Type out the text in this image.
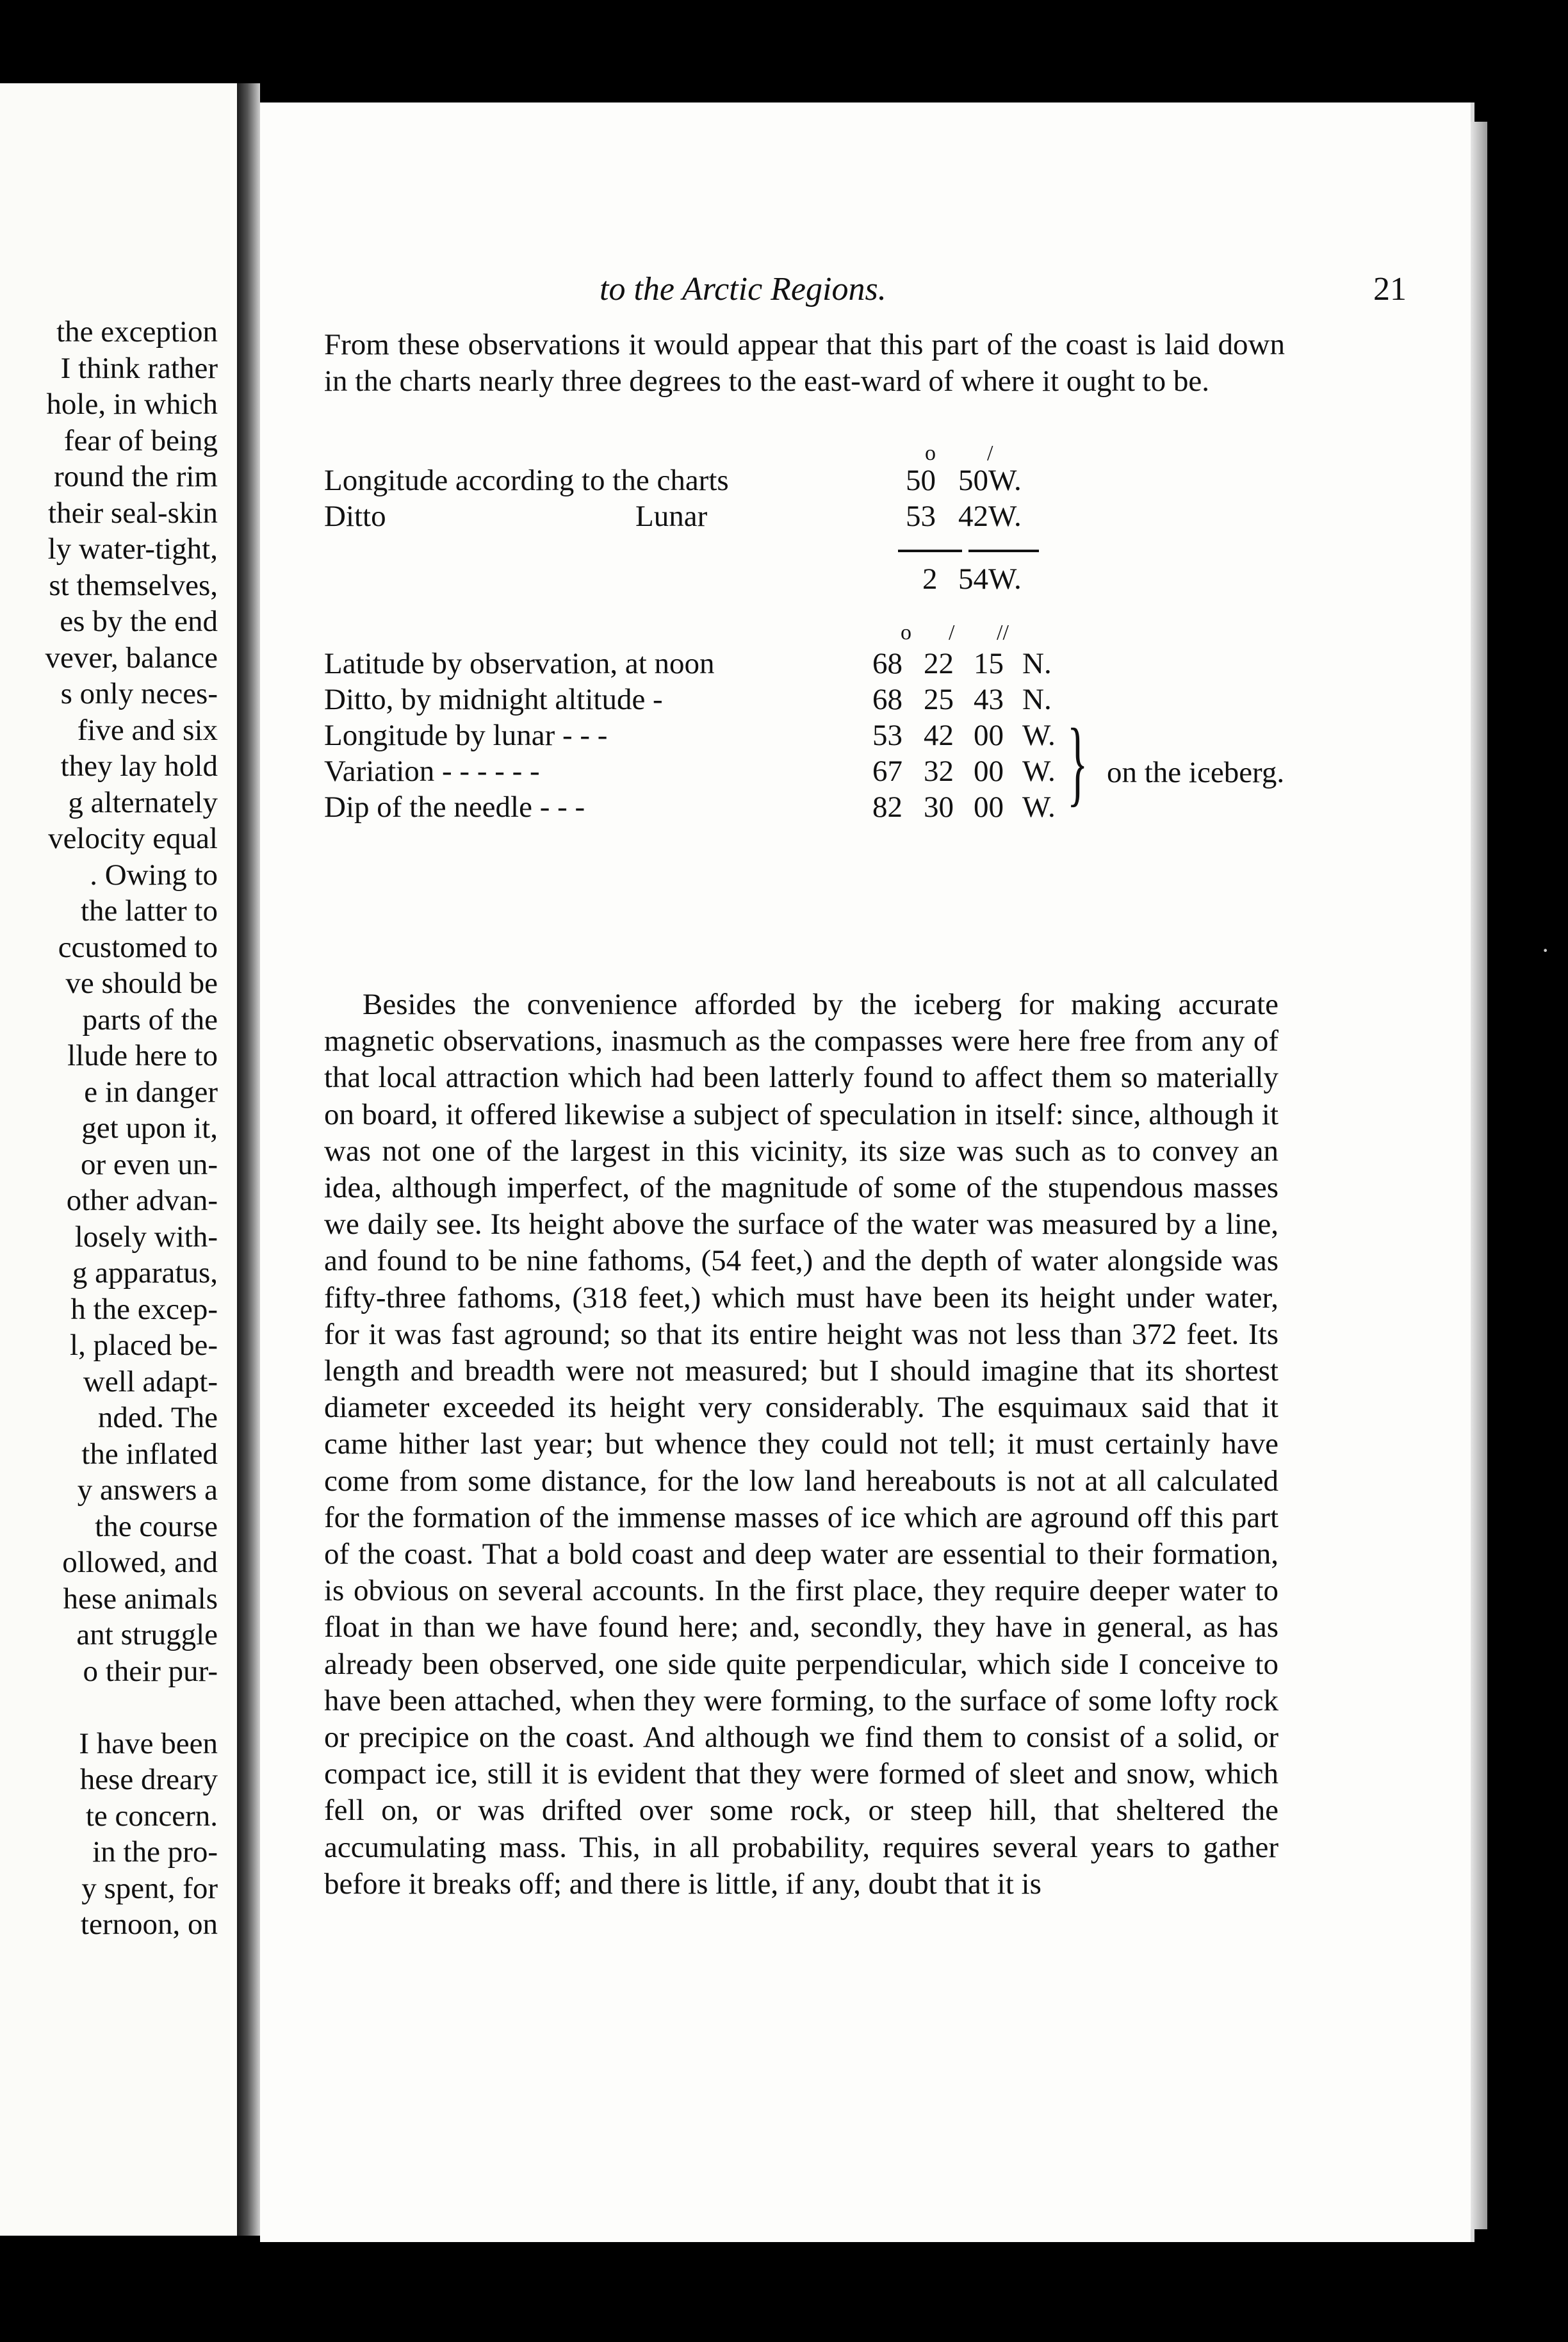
the exception
I think rather
hole, in which
fear of being
round the rim
their seal-skin
ly water-tight,
st themselves,
es by the end
vever, balance
s only neces-
five and six
they lay hold
g alternately
velocity equal
. Owing to
the latter to
ccustomed to
ve should be
parts of the
llude here to
e in danger
get upon it,
or even un-
other advan-
losely with-
g apparatus,
h the excep-
l, placed be-
well adapt-
nded. The
the inflated
y answers a
the course
ollowed, and
hese animals
ant struggle
o their pur-
I have been
hese dreary
te concern.
in the pro-
y spent, for
ternoon, on
to the Arctic Regions.	21

From these observations it would appear that this part of the coast is laid down in the charts nearly three degrees to the east-ward of where it ought to be.

o /
Longitude according to the charts	50 50W.
Ditto	Lunar	53 42W.
2 54W.
o / //
Latitude by observation, at noon	68 22 15 N.
Ditto, by midnight altitude -	68 25 43 N.
Longitude by lunar - - -	53 42 00 W.
Variation - - - - - -	67 32 00 W.
Dip of the needle - - -	82 30 00 W. } on the iceberg.

Besides the convenience afforded by the iceberg for making accurate magnetic observations, inasmuch as the compasses were here free from any of that local attraction which had been latterly found to affect them so materially on board, it offered likewise a subject of speculation in itself: since, although it was not one of the largest in this vicinity, its size was such as to convey an idea, although imperfect, of the magnitude of some of the stupendous masses we daily see. Its height above the surface of the water was measured by a line, and found to be nine fathoms, (54 feet,) and the depth of water alongside was fifty-three fathoms, (318 feet,) which must have been its height under water, for it was fast aground; so that its entire height was not less than 372 feet. Its length and breadth were not measured; but I should imagine that its shortest diameter exceeded its height very considerably. The esquimaux said that it came hither last year; but whence they could not tell; it must certainly have come from some distance, for the low land hereabouts is not at all calculated for the formation of the immense masses of ice which are aground off this part of the coast. That a bold coast and deep water are essential to their formation, is obvious on several accounts. In the first place, they require deeper water to float in than we have found here; and, secondly, they have in general, as has already been observed, one side quite perpendicular, which side I conceive to have been attached, when they were forming, to the surface of some lofty rock or precipice on the coast. And although we find them to consist of a solid, or compact ice, still it is evident that they were formed of sleet and snow, which fell on, or was drifted over some rock, or steep hill, that sheltered the accumulating mass. This, in all probability, requires several years to gather before it breaks off; and there is little, if any, doubt that it is

·
